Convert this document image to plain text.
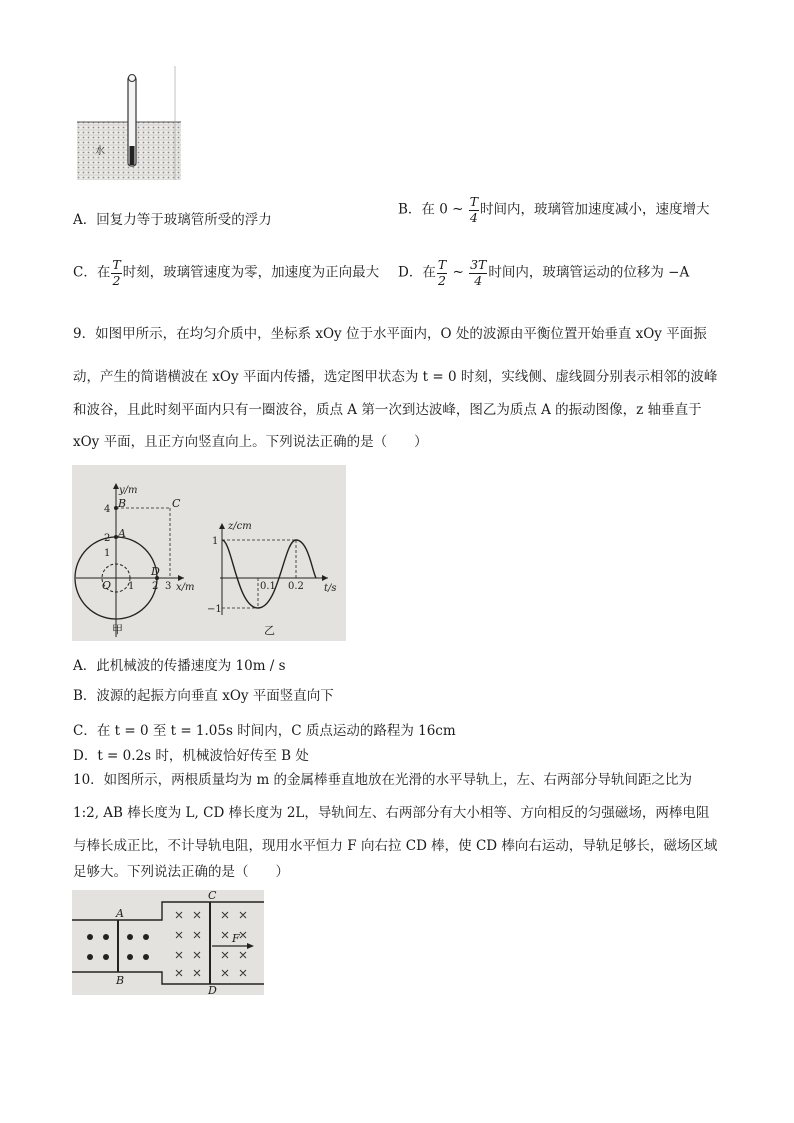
水
A．回复力等于玻璃管所受的浮力
B．在 0 ~ $\frac{T}{4}$ 时间内，玻璃管加速度减小，速度增大
C．在 $\frac{T}{2}$ 时刻，玻璃管速度为零，加速度为正向最大 D．在 $\frac{T}{2}$ ~ $\frac{3T}{4}$ 时间内，玻璃管运动的位移为 −A
9．如图甲所示，在均匀介质中，坐标系 xOy 位于水平面内，O 处的波源由平衡位置开始垂直 xOy 平面振
动，产生的简谐横波在 xOy 平面内传播，选定图甲状态为 t = 0 时刻，实线侧、虚线圆分别表示相邻的波峰
和波谷，且此时刻平面内只有一圈波谷，质点 A 第一次到达波峰，图乙为质点 A 的振动图像，z 轴垂直于
xOy 平面，且正方向竖直向上。下列说法正确的是（　　）
y/m
x/m
4
2
1
1 2 3
B	C
A
O
D
甲
z/cm
t/s
1
−1
0.1 0.2
乙
A．此机械波的传播速度为 10m / s
B．波源的起振方向垂直 xOy 平面竖直向下
C．在 t = 0 至 t = 1.05s 时间内，C 质点运动的路程为 16cm
D．t = 0.2s 时，机械波恰好传至 B 处
10．如图所示，两根质量均为 m 的金属棒垂直地放在光滑的水平导轨上，左、右两部分导轨间距之比为
1:2, AB 棒长度为 L, CD 棒长度为 2L，导轨间左、右两部分有大小相等、方向相反的匀强磁场，两棒电阻
与棒长成正比，不计导轨电阻，现用水平恒力 F 向右拉 CD 棒，使 CD 棒向右运动，导轨足够长，磁场区域
足够大。下列说法正确的是（　　）
A
B
C
D
F
